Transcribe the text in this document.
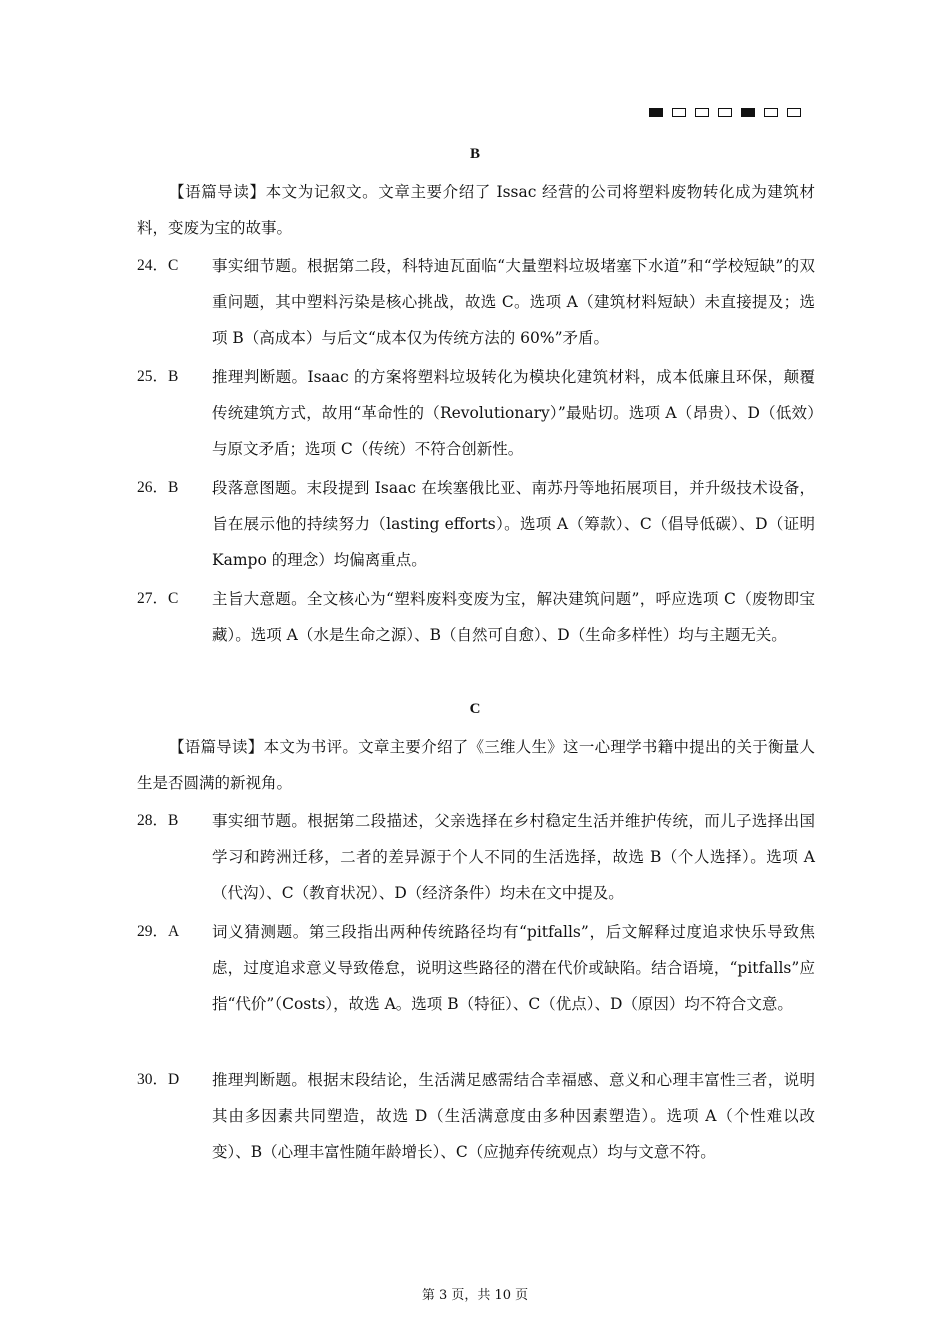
B
【语篇导读】本文为记叙文。文章主要介绍了 Issac 经营的公司将塑料废物转化成为建筑材料，变废为宝的故事。
24．C	事实细节题。根据第二段，科特迪瓦面临“大量塑料垃圾堵塞下水道”和“学校短缺”的双重问题，其中塑料污染是核心挑战，故选 C。选项 A（建筑材料短缺）未直接提及；选项 B（高成本）与后文“成本仅为传统方法的 60%”矛盾。
25．B	推理判断题。Isaac 的方案将塑料垃圾转化为模块化建筑材料，成本低廉且环保，颠覆传统建筑方式，故用“革命性的（Revolutionary）”最贴切。选项 A（昂贵）、D（低效）与原文矛盾；选项 C（传统）不符合创新性。
26．B	段落意图题。末段提到 Isaac 在埃塞俄比亚、南苏丹等地拓展项目，并升级技术设备，旨在展示他的持续努力（lasting efforts）。选项 A（筹款）、C（倡导低碳）、D（证明 Kampo 的理念）均偏离重点。
27．C	主旨大意题。全文核心为“塑料废料变废为宝，解决建筑问题”，呼应选项 C（废物即宝藏）。选项 A（水是生命之源）、B（自然可自愈）、D（生命多样性）均与主题无关。
C
【语篇导读】本文为书评。文章主要介绍了《三维人生》这一心理学书籍中提出的关于衡量人生是否圆满的新视角。
28．B	事实细节题。根据第二段描述，父亲选择在乡村稳定生活并维护传统，而儿子选择出国学习和跨洲迁移，二者的差异源于个人不同的生活选择，故选 B（个人选择）。选项 A（代沟）、C（教育状况）、D（经济条件）均未在文中提及。
29．A	词义猜测题。第三段指出两种传统路径均有“pitfalls”，后文解释过度追求快乐导致焦虑，过度追求意义导致倦怠，说明这些路径的潜在代价或缺陷。结合语境，“pitfalls”应指“代价”（Costs），故选 A。选项 B（特征）、C（优点）、D（原因）均不符合文意。
30．D	推理判断题。根据末段结论，生活满足感需结合幸福感、意义和心理丰富性三者，说明其由多因素共同塑造，故选 D（生活满意度由多种因素塑造）。选项 A（个性难以改变）、B（心理丰富性随年龄增长）、C（应抛弃传统观点）均与文意不符。
第 3 页，共 10 页
